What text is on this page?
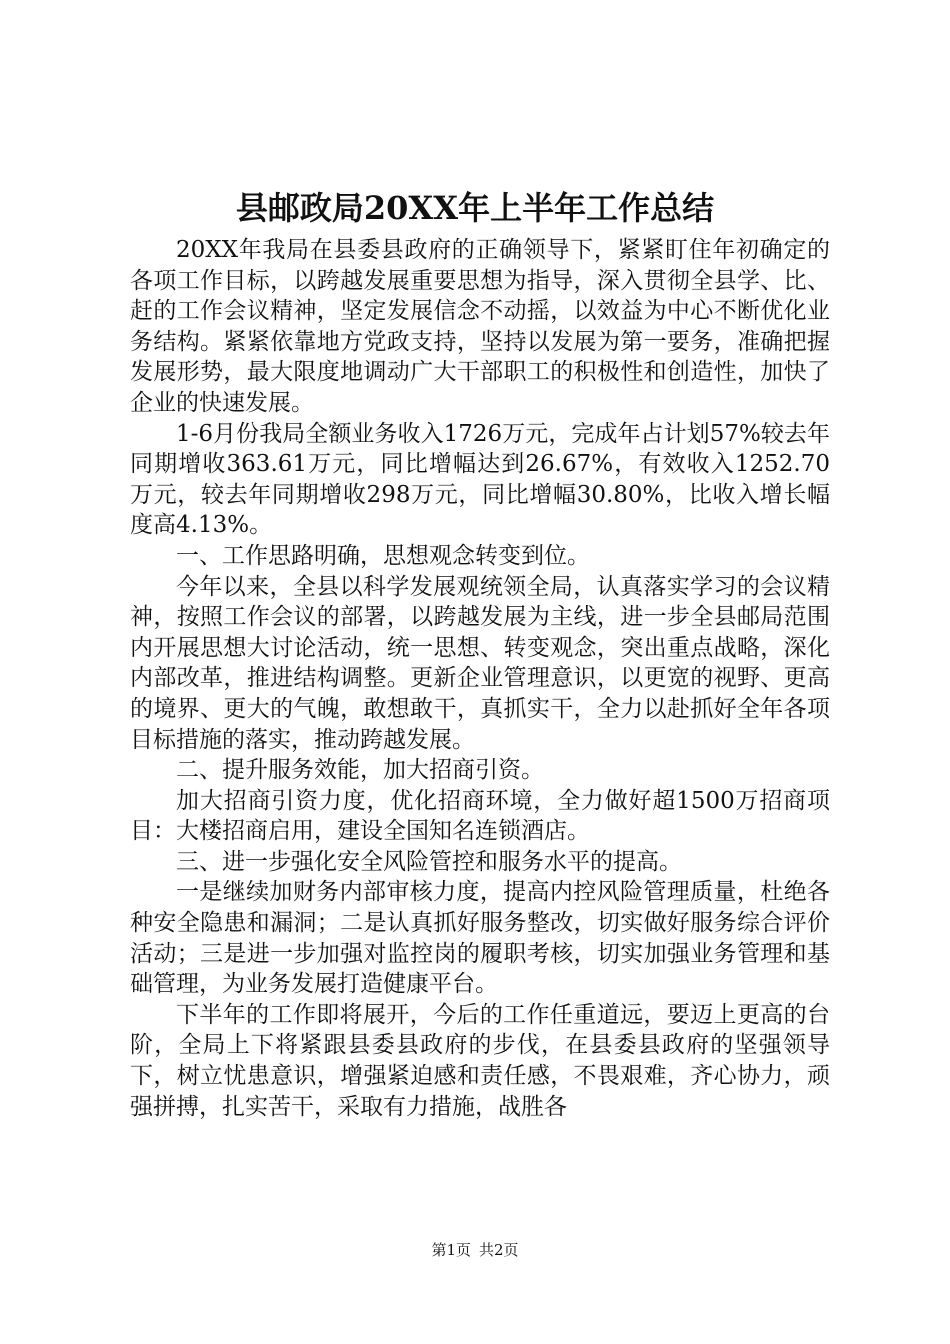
县邮政局20XX年上半年工作总结

20XX年我局在县委县政府的正确领导下，紧紧盯住年初确定的各项工作目标，以跨越发展重要思想为指导，深入贯彻全县学、比、赶的工作会议精神，坚定发展信念不动摇，以效益为中心不断优化业务结构。紧紧依靠地方党政支持，坚持以发展为第一要务，准确把握发展形势，最大限度地调动广大干部职工的积极性和创造性，加快了企业的快速发展。

1-6月份我局全额业务收入1726万元，完成年占计划57%较去年同期增收363.61万元，同比增幅达到26.67%，有效收入1252.70万元，较去年同期增收298万元，同比增幅30.80%，比收入增长幅度高4.13%。

一、工作思路明确，思想观念转变到位。

今年以来，全县以科学发展观统领全局，认真落实学习的会议精神，按照工作会议的部署，以跨越发展为主线，进一步全县邮局范围内开展思想大讨论活动，统一思想、转变观念，突出重点战略，深化内部改革，推进结构调整。更新企业管理意识，以更宽的视野、更高的境界、更大的气魄，敢想敢干，真抓实干，全力以赴抓好全年各项目标措施的落实，推动跨越发展。

二、提升服务效能，加大招商引资。

加大招商引资力度，优化招商环境，全力做好超1500万招商项目：大楼招商启用，建设全国知名连锁酒店。

三、进一步强化安全风险管控和服务水平的提高。

一是继续加财务内部审核力度，提高内控风险管理质量，杜绝各种安全隐患和漏洞；二是认真抓好服务整改，切实做好服务综合评价活动；三是进一步加强对监控岗的履职考核，切实加强业务管理和基础管理，为业务发展打造健康平台。

下半年的工作即将展开，今后的工作任重道远，要迈上更高的台阶，全局上下将紧跟县委县政府的步伐，在县委县政府的坚强领导下，树立忧患意识，增强紧迫感和责任感，不畏艰难，齐心协力，顽强拼搏，扎实苦干，采取有力措施，战胜各

第1页 共2页
